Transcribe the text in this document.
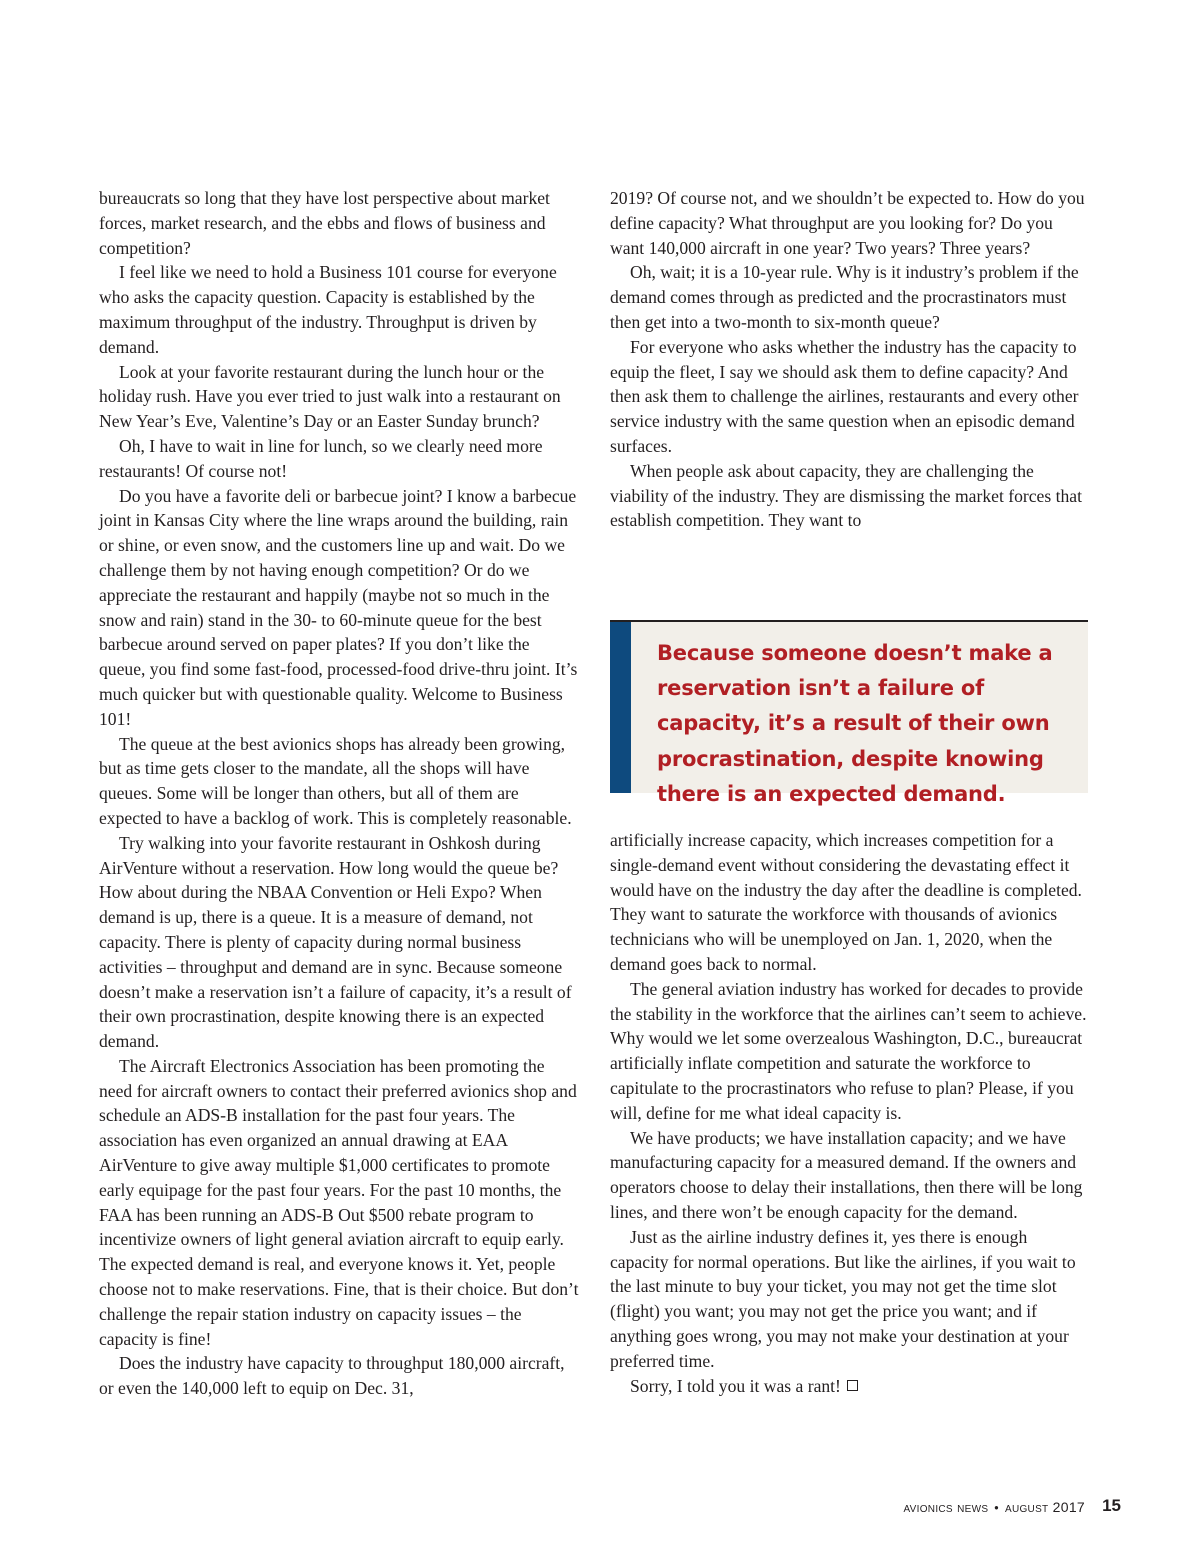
bureaucrats so long that they have lost perspective about market forces, market research, and the ebbs and flows of business and competition?

I feel like we need to hold a Business 101 course for everyone who asks the capacity question. Capacity is established by the maximum throughput of the industry. Throughput is driven by demand.

Look at your favorite restaurant during the lunch hour or the holiday rush. Have you ever tried to just walk into a restaurant on New Year’s Eve, Valentine’s Day or an Easter Sunday brunch?

Oh, I have to wait in line for lunch, so we clearly need more restaurants! Of course not!

Do you have a favorite deli or barbecue joint? I know a barbecue joint in Kansas City where the line wraps around the building, rain or shine, or even snow, and the customers line up and wait. Do we challenge them by not having enough competition? Or do we appreciate the restaurant and happily (maybe not so much in the snow and rain) stand in the 30- to 60-minute queue for the best barbecue around served on paper plates? If you don’t like the queue, you find some fast-food, processed-food drive-thru joint. It’s much quicker but with questionable quality. Welcome to Business 101!

The queue at the best avionics shops has already been growing, but as time gets closer to the mandate, all the shops will have queues. Some will be longer than others, but all of them are expected to have a backlog of work. This is completely reasonable.

Try walking into your favorite restaurant in Oshkosh during AirVenture without a reservation. How long would the queue be? How about during the NBAA Convention or Heli Expo? When demand is up, there is a queue. It is a measure of demand, not capacity. There is plenty of capacity during normal business activities – throughput and demand are in sync. Because someone doesn’t make a reservation isn’t a failure of capacity, it’s a result of their own procrastination, despite knowing there is an expected demand.

The Aircraft Electronics Association has been promoting the need for aircraft owners to contact their preferred avionics shop and schedule an ADS-B installation for the past four years. The association has even organized an annual drawing at EAA AirVenture to give away multiple $1,000 certificates to promote early equipage for the past four years. For the past 10 months, the FAA has been running an ADS-B Out $500 rebate program to incentivize owners of light general aviation aircraft to equip early. The expected demand is real, and everyone knows it. Yet, people choose not to make reservations. Fine, that is their choice. But don’t challenge the repair station industry on capacity issues – the capacity is fine!

Does the industry have capacity to throughput 180,000 aircraft, or even the 140,000 left to equip on Dec. 31,

2019? Of course not, and we shouldn’t be expected to. How do you define capacity? What throughput are you looking for? Do you want 140,000 aircraft in one year? Two years? Three years?

Oh, wait; it is a 10-year rule. Why is it industry’s problem if the demand comes through as predicted and the procrastinators must then get into a two-month to six-month queue?

For everyone who asks whether the industry has the capacity to equip the fleet, I say we should ask them to define capacity? And then ask them to challenge the airlines, restaurants and every other service industry with the same question when an episodic demand surfaces.

When people ask about capacity, they are challenging the viability of the industry. They are dismissing the market forces that establish competition. They want to

Because someone doesn’t make a reservation isn’t a failure of capacity, it’s a result of their own procrastination, despite knowing there is an expected demand.

artificially increase capacity, which increases competition for a single-demand event without considering the devastating effect it would have on the industry the day after the deadline is completed. They want to saturate the workforce with thousands of avionics technicians who will be unemployed on Jan. 1, 2020, when the demand goes back to normal.

The general aviation industry has worked for decades to provide the stability in the workforce that the airlines can’t seem to achieve. Why would we let some overzealous Washington, D.C., bureaucrat artificially inflate competition and saturate the workforce to capitulate to the procrastinators who refuse to plan? Please, if you will, define for me what ideal capacity is.

We have products; we have installation capacity; and we have manufacturing capacity for a measured demand. If the owners and operators choose to delay their installations, then there will be long lines, and there won’t be enough capacity for the demand.

Just as the airline industry defines it, yes there is enough capacity for normal operations. But like the airlines, if you wait to the last minute to buy your ticket, you may not get the time slot (flight) you want; you may not get the price you want; and if anything goes wrong, you may not make your destination at your preferred time.

Sorry, I told you it was a rant!

avionics news • august 2017 15
